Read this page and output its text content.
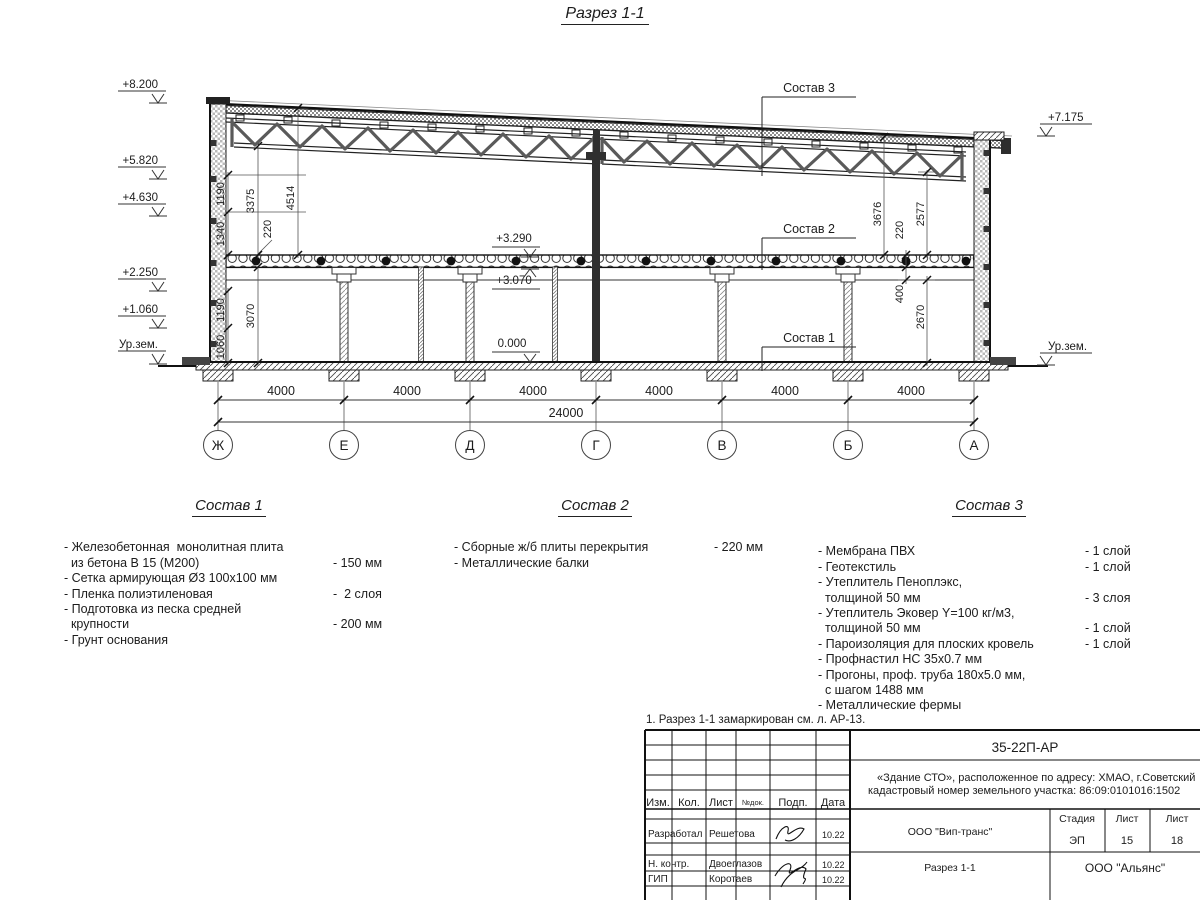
Разрез 1-1
4000	4000	4000	4000	4000	4000
24000
Ж	Е	Д	Г	В	Б	А
1190 3375	4514
1340	220
1190 3070
1060
3676
220
2577
400
2670
+8.200
+5.820
+4.630
+2.250
+1.060
Ур.зем.
+3.290
+3.070
0.000
+7.175
Ур.зем.
Состав 3
Состав 2
Состав 1
Состав 1
- Железобетонная  монолитная плита
из бетона В 15 (М200)	- 150 мм
- Сетка армирующая Ø3 100x100 мм
- Пленка полиэтиленовая	-  2 слоя
- Подготовка из песка средней
крупности	- 200 мм
- Грунт основания
Состав 2
- Сборные ж/б плиты перекрытия	- 220 мм
- Металлические балки
Состав 3
- Мембрана ПВХ	- 1 слой
- Геотекстиль	- 1 слой
- Утеплитель Пеноплэкс,
толщиной 50 мм	- 3 слоя
- Утеплитель Эковер Y=100 кг/м3,
толщиной 50 мм	- 1 слой
- Пароизоляция для плоских кровель	- 1 слой
- Профнастил НС 35x0.7 мм
- Прогоны, проф. труба 180x5.0 мм,
с шагом 1488 мм
- Металлические фермы
1. Разрез 1-1 замаркирован см. л. АР-13.
Изм. Кол. Лист №док. Подп. Дата
Разработал Решетова	10.22
Н. контр. Двоеглазов	10.22
ГИП	Коротаев	10.22
35-22П-АР
«Здание СТО», расположенное по адресу: ХМАО, г.Советский
кадастровый номер земельного участка: 86:09:0101016:1502
ООО "Вип-транс"
Разрез 1-1	ООО "Альянс"
Стадия Лист	Лист
ЭП	15	18
